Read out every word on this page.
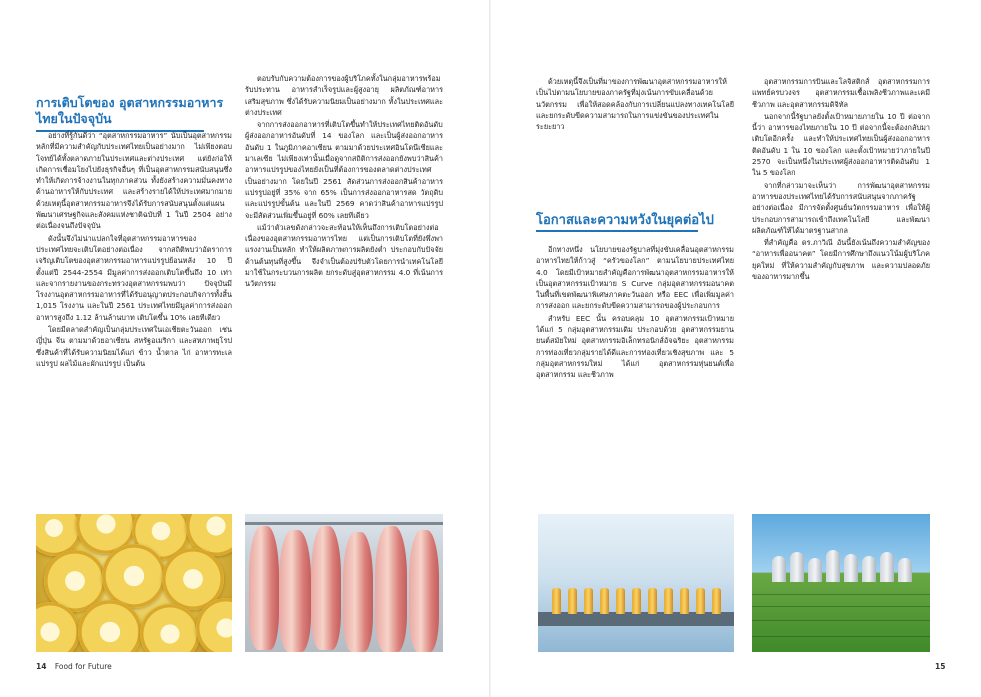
การเติบโตของ อุตสาหกรรมอาหารไทยในปัจจุบัน

อย่างที่รู้กันดีว่า “อุตสาหกรรมอาหาร” นับเป็นอุตสาหกรรมหลักที่มีความสำคัญกับประเทศไทยเป็นอย่างมาก ไม่เพียงตอบโจทย์ได้ทั้งตลาดภายในประเทศและต่างประเทศ แต่ยังก่อให้เกิดการเชื่อมโยงไปยังธุรกิจอื่นๆ ที่เป็นอุตสาหกรรมสนับสนุนซึ่งทำให้เกิดการจ้างงานในทุกภาคส่วน ทั้งยังสร้างความมั่นคงทางด้านอาหารให้กับประเทศ และสร้างรายได้ให้ประเทศมากมาย ด้วยเหตุนี้อุตสาหกรรมอาหารจึงได้รับการสนับสนุนตั้งแต่แผนพัฒนาเศรษฐกิจและสังคมแห่งชาติฉบับที่ 1 ในปี 2504 อย่างต่อเนื่องจนถึงปัจจุบัน

ดังนั้นจึงไม่น่าแปลกใจที่อุตสาหกรรมอาหารของประเทศไทยจะเติบโตอย่างต่อเนื่อง จากสถิติพบว่าอัตราการเจริญเติบโตของอุตสาหกรรมอาหารแปรรูปย้อนหลัง 10 ปี ตั้งแต่ปี 2544-2554 มีมูลค่าการส่งออกเติบโตขึ้นถึง 10 เท่า และจากรายงานของกระทรวงอุตสาหกรรมพบว่า ปัจจุบันมีโรงงานอุตสาหกรรมอาหารที่ได้รับอนุญาตประกอบกิจการทั้งสิ้น 1,015 โรงงาน และในปี 2561 ประเทศไทยมีมูลค่าการส่งออกอาหารสูงถึง 1.12 ล้านล้านบาท เติบโตขึ้น 10% เลยทีเดียว

โดยมีตลาดสำคัญเป็นกลุ่มประเทศในเอเชียตะวันออก เช่น ญี่ปุ่น จีน ตามมาด้วยอาเซียน สหรัฐอเมริกา และสหภาพยุโรป ซึ่งสินค้าที่ได้รับความนิยมได้แก่ ข้าว น้ำตาล ไก่ อาหารทะเลแปรรูป ผลไม้และผักแปรรูป เป็นต้น

ตอบรับกับความต้องการของผู้บริโภคทั้งในกลุ่มอาหารพร้อมรับประทาน อาหารสำเร็จรูปและผู้สูงอายุ ผลิตภัณฑ์อาหารเสริมสุขภาพ ซึ่งได้รับความนิยมเป็นอย่างมาก ทั้งในประเทศและต่างประเทศ

จากการส่งออกอาหารที่เติบโตขึ้นทำให้ประเทศไทยติดอันดับผู้ส่งออกอาหารอันดับที่ 14 ของโลก และเป็นผู้ส่งออกอาหารอันดับ 1 ในภูมิภาคอาเซียน ตามมาด้วยประเทศอินโดนีเซียและมาเลเซีย ไม่เพียงเท่านั้นเมื่อดูจากสถิติการส่งออกยังพบว่าสินค้าอาหารแปรรูปของไทยยังเป็นที่ต้องการของตลาดต่างประเทศเป็นอย่างมาก โดยในปี 2561 สัดส่วนการส่งออกสินค้าอาหารแปรรูปอยู่ที่ 35% จาก 65% เป็นการส่งออกอาหารสด วัตถุดิบ และแปรรูปขั้นต้น และในปี 2569 คาดว่าสินค้าอาหารแปรรูปจะมีสัดส่วนเพิ่มขึ้นอยู่ที่ 60% เลยทีเดียว

แม้ว่าตัวเลขดังกล่าวจะสะท้อนให้เห็นถึงการเติบโตอย่างต่อเนื่องของอุตสาหกรรมอาหารไทย แต่เป็นการเติบโตที่ยังพึ่งพาแรงงานเป็นหลัก ทำให้ผลิตภาพการผลิตยังต่ำ ประกอบกับปัจจัยด้านต้นทุนที่สูงขึ้น จึงจำเป็นต้องปรับตัวโดยการนำเทคโนโลยีมาใช้ในกระบวนการผลิต ยกระดับสู่อุตสาหกรรม 4.0 ที่เน้นการนวัตกรรม

14 Food for Future

ด้วยเหตุนี้จึงเป็นที่มาของการพัฒนาอุตสาหกรรมอาหารให้เป็นไปตามนโยบายของภาครัฐที่มุ่งเน้นการขับเคลื่อนด้วยนวัตกรรม เพื่อให้สอดคล้องกับการเปลี่ยนแปลงทางเทคโนโลยี และยกระดับขีดความสามารถในการแข่งขันของประเทศในระยะยาว

โอกาสและความหวังในยุคต่อไป

อีกทางหนึ่ง นโยบายของรัฐบาลที่มุ่งขับเคลื่อนอุตสาหกรรมอาหารไทยให้ก้าวสู่ “ครัวของโลก” ตามนโยบายประเทศไทย 4.0 โดยมีเป้าหมายสำคัญคือการพัฒนาอุตสาหกรรมอาหารให้เป็นอุตสาหกรรมเป้าหมาย S Curve กลุ่มอุตสาหกรรมอนาคต ในพื้นที่เขตพัฒนาพิเศษภาคตะวันออก หรือ EEC เพื่อเพิ่มมูลค่าการส่งออก และยกระดับขีดความสามารถของผู้ประกอบการ

สำหรับ EEC นั้น ครอบคลุม 10 อุตสาหกรรมเป้าหมาย ได้แก่ 5 กลุ่มอุตสาหกรรมเดิม ประกอบด้วย อุตสาหกรรมยานยนต์สมัยใหม่ อุตสาหกรรมอิเล็กทรอนิกส์อัจฉริยะ อุตสาหกรรมการท่องเที่ยวกลุ่มรายได้ดีและการท่องเที่ยวเชิงสุขภาพ และ 5 กลุ่มอุตสาหกรรมใหม่ ได้แก่ อุตสาหกรรมหุ่นยนต์เพื่ออุตสาหกรรม และชีวภาพ

อุตสาหกรรมการบินและโลจิสติกส์ อุตสาหกรรมการแพทย์ครบวงจร อุตสาหกรรมเชื้อเพลิงชีวภาพและเคมีชีวภาพ และอุตสาหกรรมดิจิทัล

นอกจากนี้รัฐบาลยังตั้งเป้าหมายภายใน 10 ปี ต่อจากนี้ว่า อาหารของไทยภายใน 10 ปี ต่อจากนี้จะต้องกลับมาเติบโตอีกครั้ง และทำให้ประเทศไทยเป็นผู้ส่งออกอาหารติดอันดับ 1 ใน 10 ของโลก และตั้งเป้าหมายว่าภายในปี 2570 จะเป็นหนึ่งในประเทศผู้ส่งออกอาหารติดอันดับ 1 ใน 5 ของโลก

จากที่กล่าวมาจะเห็นว่า การพัฒนาอุตสาหกรรมอาหารของประเทศไทยได้รับการสนับสนุนจากภาครัฐอย่างต่อเนื่อง มีการจัดตั้งศูนย์นวัตกรรมอาหาร เพื่อให้ผู้ประกอบการสามารถเข้าถึงเทคโนโลยี และพัฒนาผลิตภัณฑ์ให้ได้มาตรฐานสากล

ที่สำคัญคือ ดร.ภาวิณี อันนี้ยังเน้นถึงความสำคัญของ “อาหารเพื่ออนาคต” โดยมีการศึกษาถึงแนวโน้มผู้บริโภคยุคใหม่ ที่ให้ความสำคัญกับสุขภาพ และความปลอดภัยของอาหารมากขึ้น

15
